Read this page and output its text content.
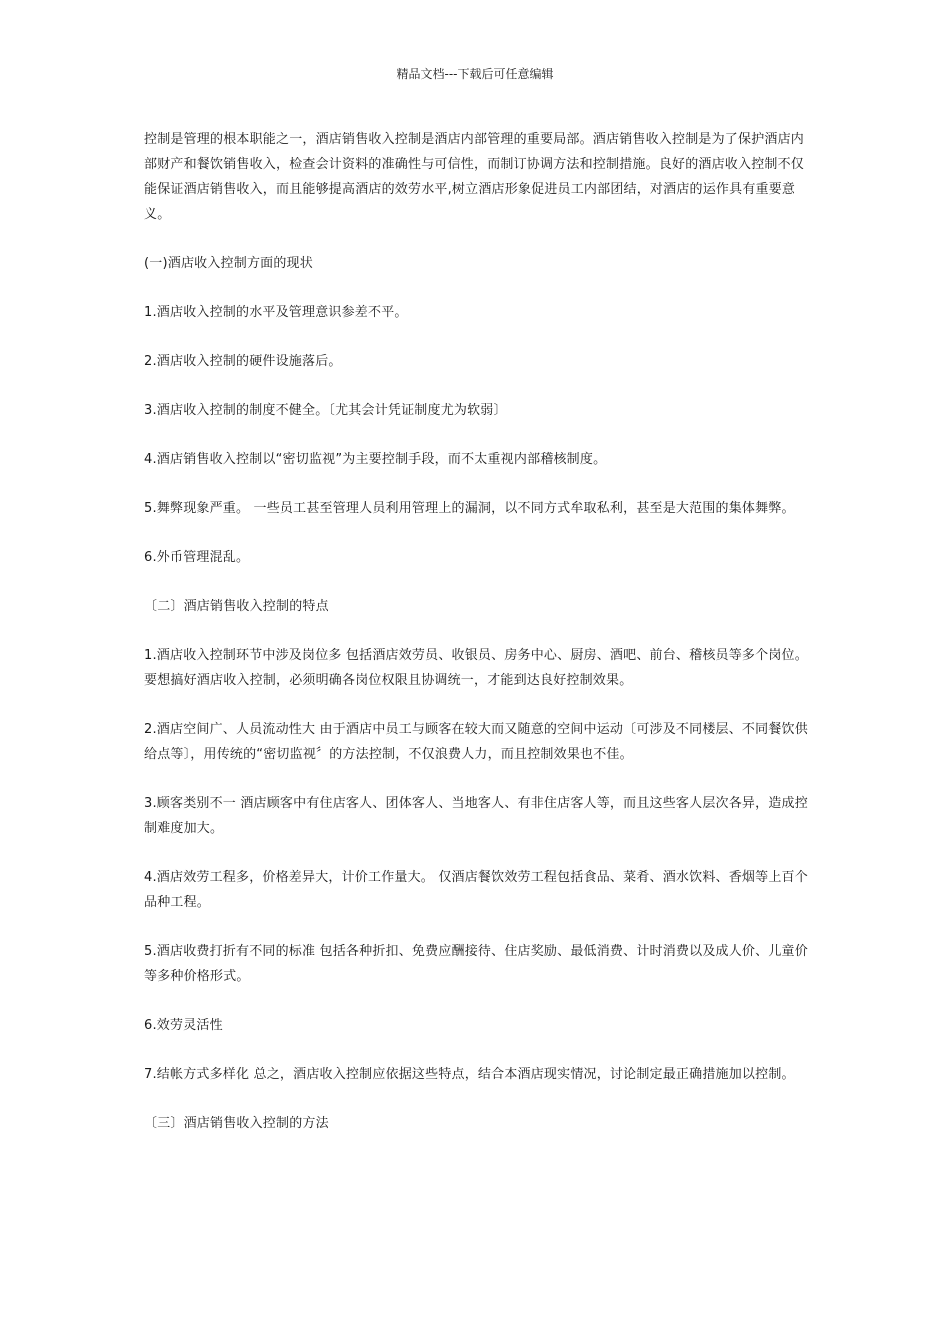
精品文档---下载后可任意编辑

控制是管理的根本职能之一，酒店销售收入控制是酒店内部管理的重要局部。酒店销售收入控制是为了保护酒店内部财产和餐饮销售收入，检查会计资料的准确性与可信性，而制订协调方法和控制措施。良好的酒店收入控制不仅能保证酒店销售收入，而且能够提高酒店的效劳水平,树立酒店形象促进员工内部团结，对酒店的运作具有重要意义。

(一)酒店收入控制方面的现状

1.酒店收入控制的水平及管理意识参差不平。

2.酒店收入控制的硬件设施落后。

3.酒店收入控制的制度不健全。〔尤其会计凭证制度尤为软弱〕

4.酒店销售收入控制以“密切监视”为主要控制手段，而不太重视内部稽核制度。

5.舞弊现象严重。 一些员工甚至管理人员利用管理上的漏洞，以不同方式牟取私利，甚至是大范围的集体舞弊。

6.外币管理混乱。

〔二〕酒店销售收入控制的特点

1.酒店收入控制环节中涉及岗位多 包括酒店效劳员、收银员、房务中心、厨房、酒吧、前台、稽核员等多个岗位。要想搞好酒店收入控制，必须明确各岗位权限且协调统一，才能到达良好控制效果。

2.酒店空间广、人员流动性大 由于酒店中员工与顾客在较大而又随意的空间中运动〔可涉及不同楼层、不同餐饮供给点等〕，用传统的“密切监视〞的方法控制，不仅浪费人力，而且控制效果也不佳。

3.顾客类别不一 酒店顾客中有住店客人、团体客人、当地客人、有非住店客人等，而且这些客人层次各异，造成控制难度加大。

4.酒店效劳工程多，价格差异大，计价工作量大。 仅酒店餐饮效劳工程包括食品、菜肴、酒水饮料、香烟等上百个品种工程。

5.酒店收费打折有不同的标准 包括各种折扣、免费应酬接待、住店奖励、最低消费、计时消费以及成人价、儿童价等多种价格形式。

6.效劳灵活性

7.结帐方式多样化 总之，酒店收入控制应依据这些特点，结合本酒店现实情况，讨论制定最正确措施加以控制。

〔三〕酒店销售收入控制的方法
